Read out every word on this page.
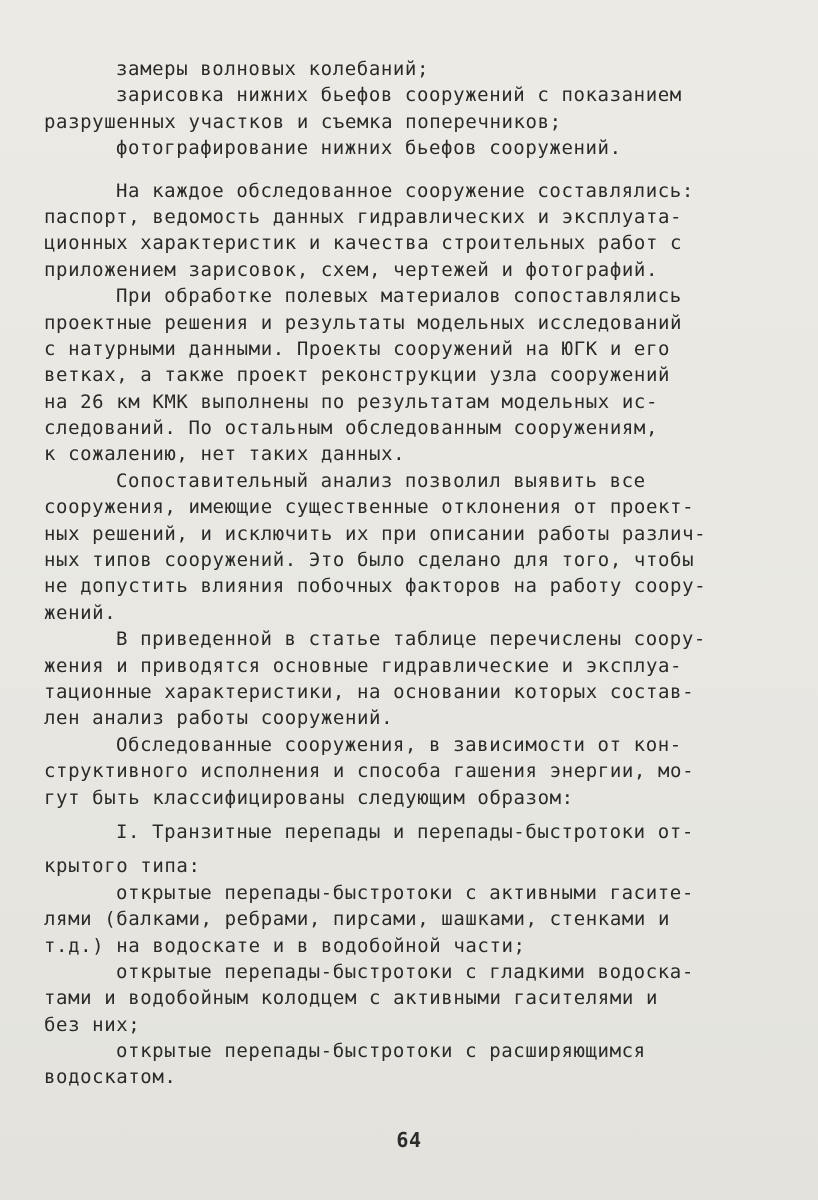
замеры волновых колебаний;
зарисовка нижних бьефов сооружений с показанием
разрушенных участков и съемка поперечников;
фотографирование нижних бьефов сооружений.
На каждое обследованное сооружение составлялись:
паспорт, ведомость данных гидравлических и эксплуата-
ционных характеристик и качества строительных работ с
приложением зарисовок, схем, чертежей и фотографий.
При обработке полевых материалов сопоставлялись
проектные решения и результаты модельных исследований
с натурными данными. Проекты сооружений на ЮГК и его
ветках, а также проект реконструкции узла сооружений
на 26 км КМК выполнены по результатам модельных ис-
следований. По остальным обследованным сооружениям,
к сожалению, нет таких данных.
Сопоставительный анализ позволил выявить все
сооружения, имеющие существенные отклонения от проект-
ных решений, и исключить их при описании работы различ-
ных типов сооружений. Это было сделано для того, чтобы
не допустить влияния побочных факторов на работу соору-
жений.
В приведенной в статье таблице перечислены соору-
жения и приводятся основные гидравлические и эксплуа-
тационные характеристики, на основании которых состав-
лен анализ работы сооружений.
Обследованные сооружения, в зависимости от кон-
структивного исполнения и способа гашения энергии, мо-
гут быть классифицированы следующим образом:
I. Транзитные перепады и перепады-быстротоки от-
крытого типа:
открытые перепады-быстротоки с активными гасите-
лями (балками, ребрами, пирсами, шашками, стенками и
т.д.) на водоскате и в водобойной части;
открытые перепады-быстротоки с гладкими водоска-
тами и водобойным колодцем с активными гасителями и
без них;
открытые перепады-быстротоки с расширяющимся
водоскатом.
64
